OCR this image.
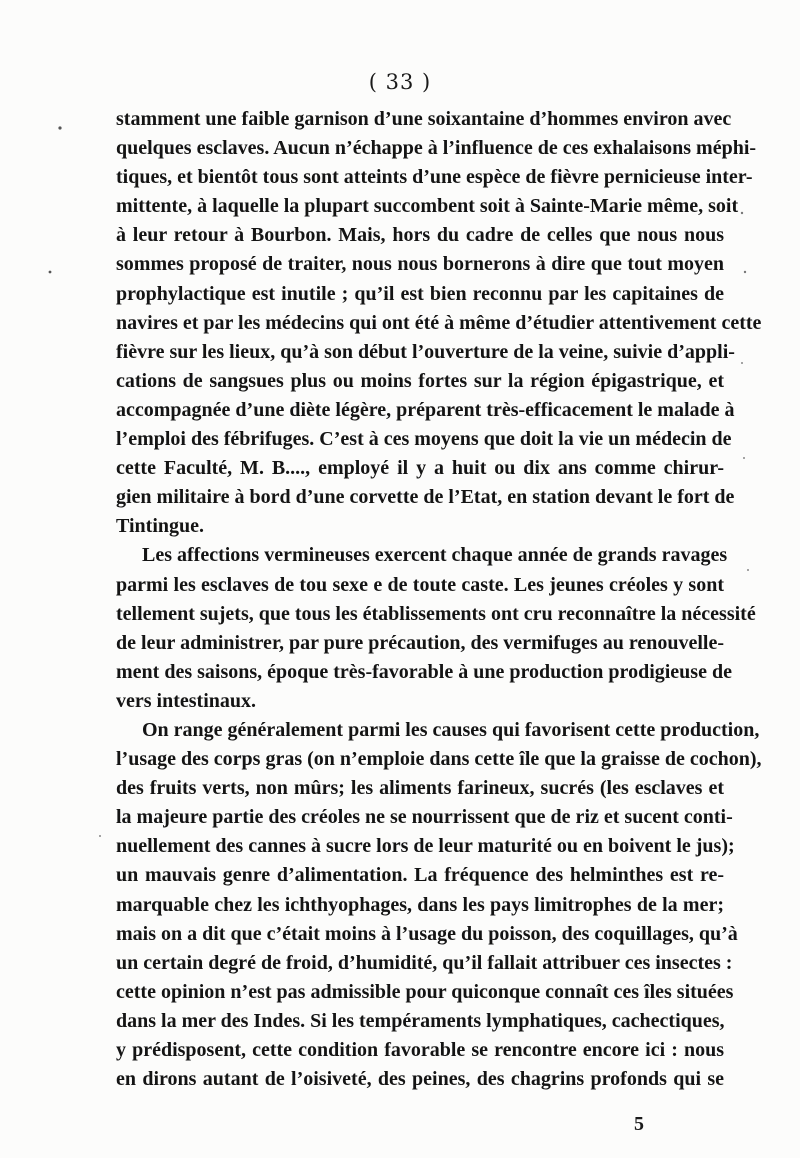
( 33 )
stamment une faible garnison d’une soixantaine d’hommes environ avec
quelques esclaves. Aucun n’échappe à l’influence de ces exhalaisons méphi-
tiques, et bientôt tous sont atteints d’une espèce de fièvre pernicieuse inter-
mittente, à laquelle la plupart succombent soit à Sainte-Marie même, soit
à leur retour à Bourbon. Mais, hors du cadre de celles que nous nous
sommes proposé de traiter, nous nous bornerons à dire que tout moyen
prophylactique est inutile ; qu’il est bien reconnu par les capitaines de
navires et par les médecins qui ont été à même d’étudier attentivement cette
fièvre sur les lieux, qu’à son début l’ouverture de la veine, suivie d’appli-
cations de sangsues plus ou moins fortes sur la région épigastrique, et
accompagnée d’une diète légère, préparent très-efficacement le malade à
l’emploi des fébrifuges. C’est à ces moyens que doit la vie un médecin de
cette Faculté, M. B...., employé il y a huit ou dix ans comme chirur-
gien militaire à bord d’une corvette de l’Etat, en station devant le fort de
Tintingue.
Les affections vermineuses exercent chaque année de grands ravages
parmi les esclaves de tou sexe e de toute caste. Les jeunes créoles y sont
tellement sujets, que tous les établissements ont cru reconnaître la nécessité
de leur administrer, par pure précaution, des vermifuges au renouvelle-
ment des saisons, époque très-favorable à une production prodigieuse de
vers intestinaux.
On range généralement parmi les causes qui favorisent cette production,
l’usage des corps gras (on n’emploie dans cette île que la graisse de cochon),
des fruits verts, non mûrs; les aliments farineux, sucrés (les esclaves et
la majeure partie des créoles ne se nourrissent que de riz et sucent conti-
nuellement des cannes à sucre lors de leur maturité ou en boivent le jus);
un mauvais genre d’alimentation. La fréquence des helminthes est re-
marquable chez les ichthyophages, dans les pays limitrophes de la mer;
mais on a dit que c’était moins à l’usage du poisson, des coquillages, qu’à
un certain degré de froid, d’humidité, qu’il fallait attribuer ces insectes :
cette opinion n’est pas admissible pour quiconque connaît ces îles situées
dans la mer des Indes. Si les tempéraments lymphatiques, cachectiques,
y prédisposent, cette condition favorable se rencontre encore ici : nous
en dirons autant de l’oisiveté, des peines, des chagrins profonds qui se
5
